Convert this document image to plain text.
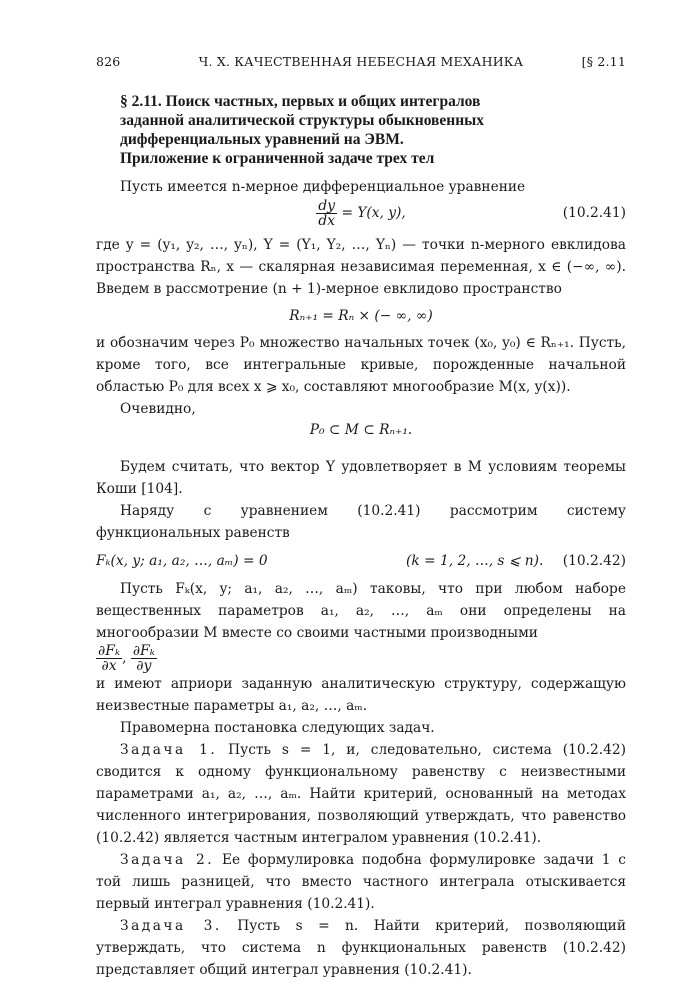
826	Ч. X. КАЧЕСТВЕННАЯ НЕБЕСНАЯ МЕХАНИКА	[§ 2.11
§ 2.11. Поиск частных, первых и общих интегралов
заданной аналитической структуры обыкновенных
дифференциальных уравнений на ЭВМ.
Приложение к ограниченной задаче трех тел
Пусть имеется n-мерное дифференциальное уравнение
$\frac{dy}{dx} = Y(x$, y),	(10.2.41)
где y = (y₁, y₂, …, yₙ), Y = (Y₁, Y₂, …, Yₙ) — точки n-мерного евклидова пространства Rₙ, x — скалярная независимая переменная, x ∈ (−∞, ∞). Введем в рассмотрение (n + 1)-мерное евклидово пространство
Rₙ₊₁ = Rₙ × (− ∞, ∞)
и обозначим через P₀ множество начальных точек (x₀, y₀) ∈ Rₙ₊₁. Пусть, кроме того, все интегральные кривые, порожденные начальной областью P₀ для всех x ⩾ x₀, составляют многообразие M(x, y(x)).
Очевидно,
P₀ ⊂ M ⊂ Rₙ₊₁.
Будем считать, что вектор Y удовлетворяет в M условиям теоремы Коши [104].
Наряду с уравнением (10.2.41) рассмотрим систему функциональных равенств
Fₖ(x, y; a₁, a₂, …, aₘ) = 0	(k = 1, 2, …, s ⩽ n). (10.2.42)
Пусть Fₖ(x, y; a₁, a₂, …, aₘ) таковы, что при любом наборе вещественных параметров a₁, a₂, …, aₘ они определены на многообразии M вместе со своими частными производными
$\frac{\text{∂Fₖ}}{\partial x}$ , $\frac{\text{∂Fₖ}}{\partial y}$
и имеют априори заданную аналитическую структуру, содержащую неизвестные параметры a₁, a₂, …, aₘ.
Правомерна постановка следующих задач.
Задача 1. Пусть s = 1, и, следовательно, система (10.2.42) сводится к одному функциональному равенству с неизвестными параметрами a₁, a₂, …, aₘ. Найти критерий, основанный на методах численного интегрирования, позволяющий утверждать, что равенство (10.2.42) является частным интегралом уравнения (10.2.41).
Задача 2. Ее формулировка подобна формулировке задачи 1 с той лишь разницей, что вместо частного интеграла отыскивается первый интеграл уравнения (10.2.41).
Задача 3. Пусть s = n. Найти критерий, позволяющий утверждать, что система n функциональных равенств (10.2.42) представляет общий интеграл уравнения (10.2.41).
